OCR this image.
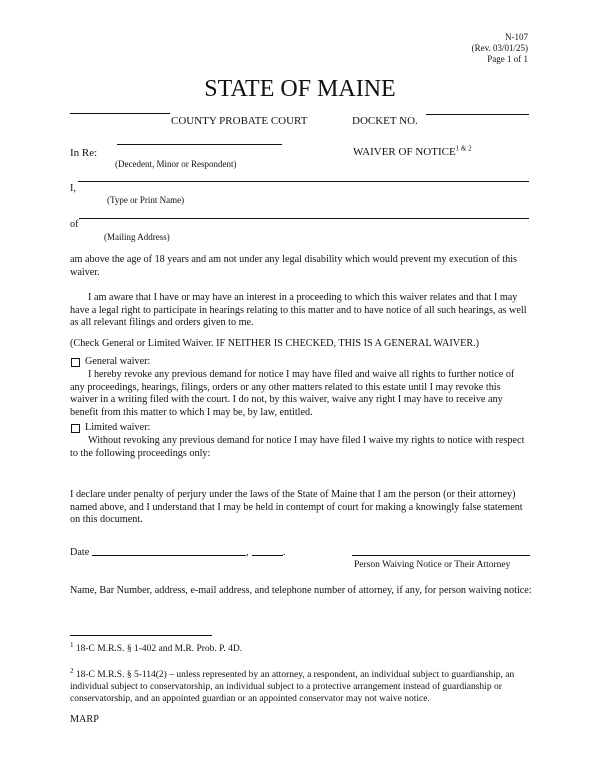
N-107
(Rev. 03/01/25)
Page 1 of 1
STATE OF MAINE
COUNTY PROBATE COURT	DOCKET NO.
In Re:
(Decedent, Minor or Respondent)
WAIVER OF $NOTICE^{1 \& 2}$
I,
(Type or Print Name)
of
(Mailing Address)
am above the age of 18 years and am not under any legal disability which would prevent my execution of this waiver.
I am aware that I have or may have an interest in a proceeding to which this waiver relates and that I may have a legal right to participate in hearings relating to this matter and to have notice of all such hearings, as well as all relevant filings and orders given to me.
(Check General or Limited Waiver. IF NEITHER IS CHECKED, THIS IS A GENERAL WAIVER.)
General waiver:
I hereby revoke any previous demand for notice I may have filed and waive all rights to further notice of any proceedings, hearings, filings, orders or any other matters related to this estate until I may revoke this waiver in a writing filed with the court. I do not, by this waiver, waive any right I may have to receive any benefit from this matter to which I may be, by law, entitled.
Limited waiver:
Without revoking any previous demand for notice I may have filed I waive my rights to notice with respect to the following proceedings only:
I declare under penalty of perjury under the laws of the State of Maine that I am the person (or their attorney) named above, and I understand that I may be held in contempt of court for making a knowingly false statement on this document.
Date	,	.
Person Waiving Notice or Their Attorney
Name, Bar Number, address, e-mail address, and telephone number of attorney, if any, for person waiving notice:
$^1$ 18-C M.R.S. § 1-402 and M.R. Prob. P. 4D.
$^2$ 18-C M.R.S. § 5-114(2) – unless represented by an attorney, a respondent, an individual subject to guardianship, an individual subject to conservatorship, an individual subject to a protective arrangement instead of guardianship or conservatorship, and an appointed guardian or an appointed conservator may not waive notice.
MARP
